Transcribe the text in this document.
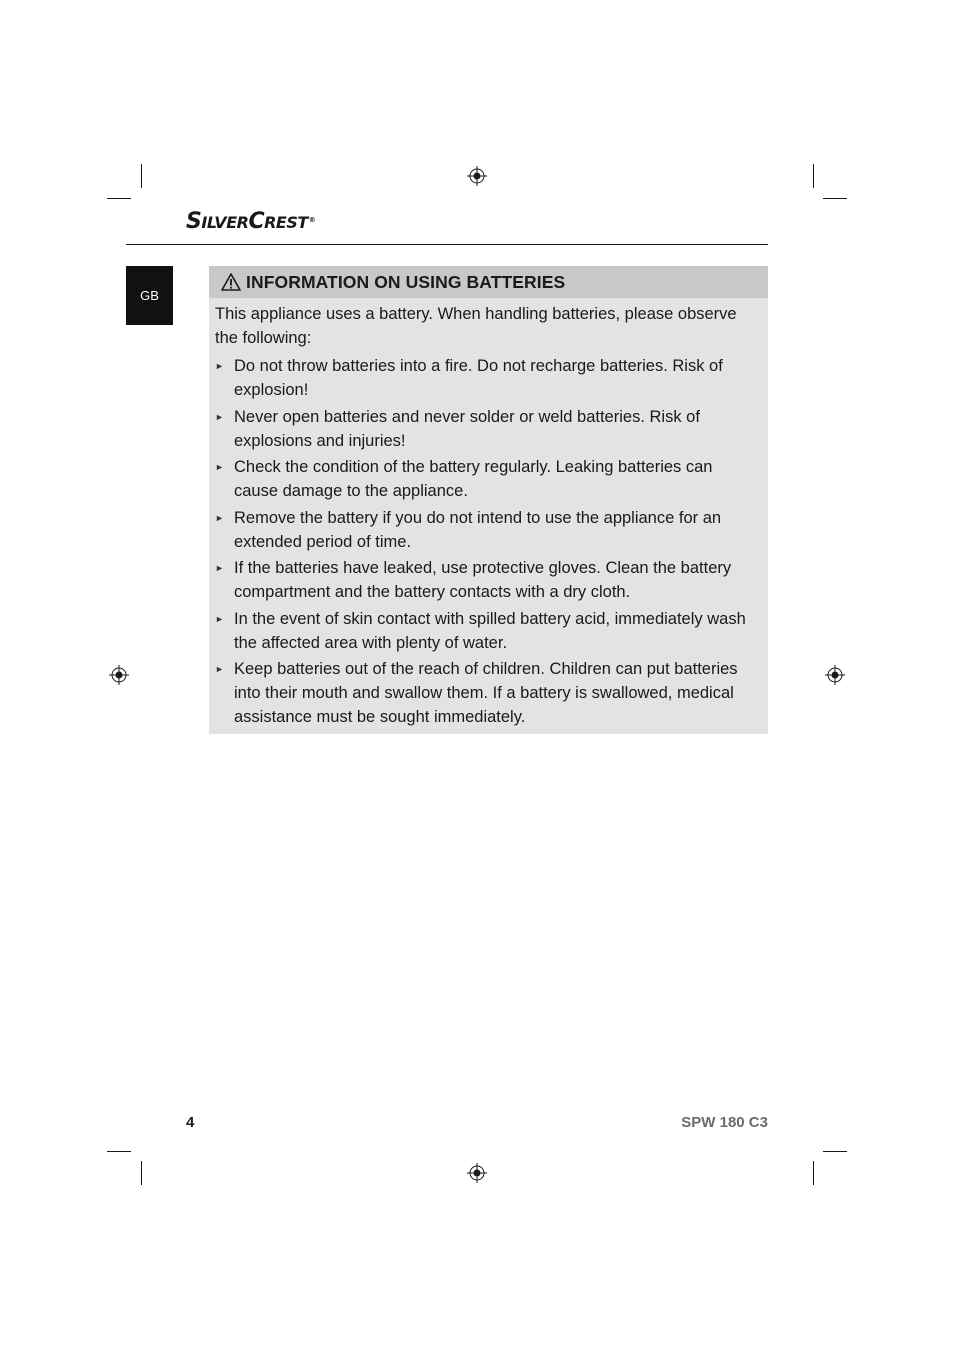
SILVERCREST®
GB
INFORMATION ON USING BATTERIES

This appliance uses a battery. When handling batteries, please observe the following:

► Do not throw batteries into a fire. Do not recharge batteries. Risk of explosion!
► Never open batteries and never solder or weld batteries. Risk of explosions and injuries!
► Check the condition of the battery regularly. Leaking batteries can cause damage to the appliance.
► Remove the battery if you do not intend to use the appliance for an extended period of time.
► If the batteries have leaked, use protective gloves. Clean the battery compartment and the battery contacts with a dry cloth.
► In the event of skin contact with spilled battery acid, immediately wash the affected area with plenty of water.
► Keep batteries out of the reach of children. Children can put batteries into their mouth and swallow them. If a battery is swallowed, medical assistance must be sought immediately.
4	SPW 180 C3
